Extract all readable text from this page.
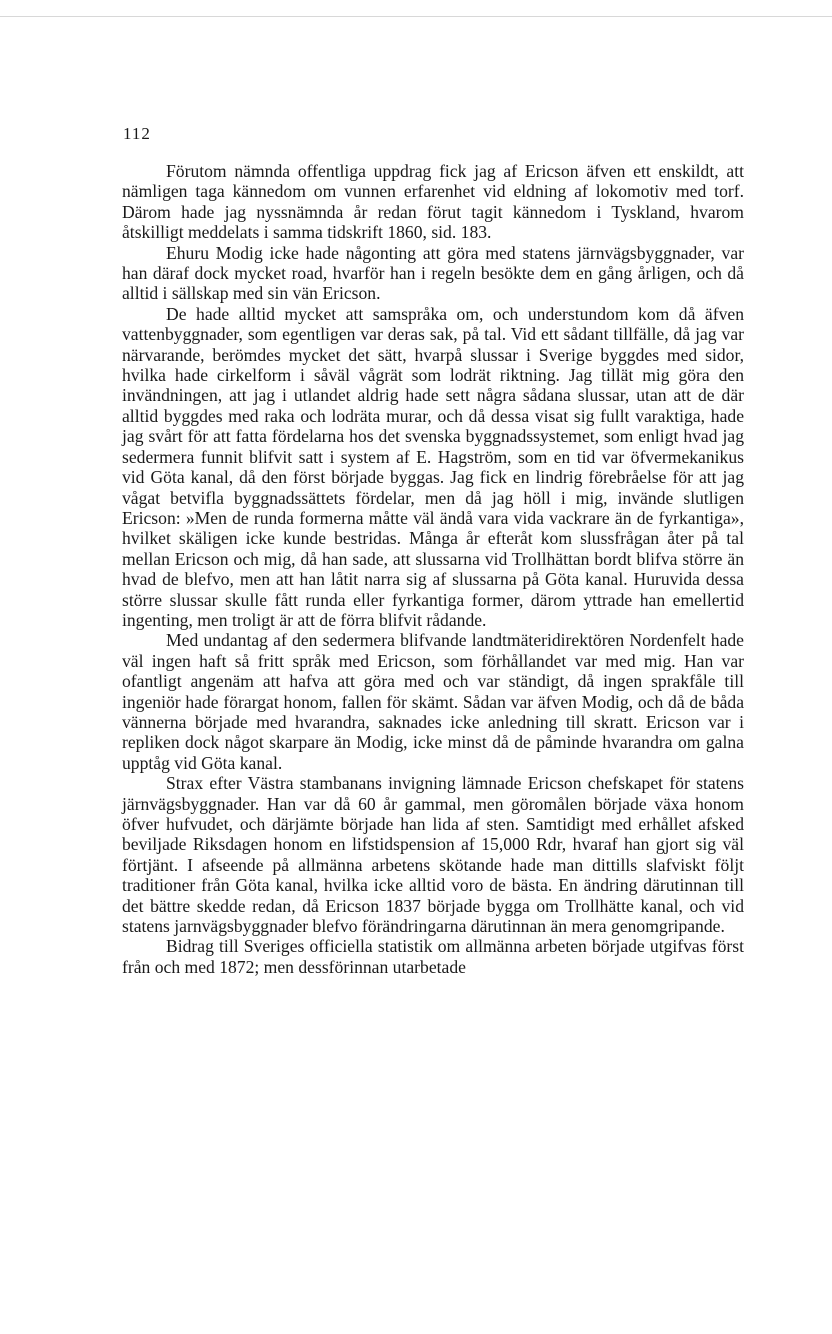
112

Förutom nämnda offentliga uppdrag fick jag af Ericson äfven ett enskildt, att nämligen taga kännedom om vunnen erfarenhet vid eldning af lokomotiv med torf. Därom hade jag nyssnämnda år redan förut tagit kännedom i Tyskland, hvarom åtskilligt meddelats i samma tidskrift 1860, sid. 183.

Ehuru Modig icke hade någonting att göra med statens järnvägsbyggnader, var han däraf dock mycket road, hvarför han i regeln besökte dem en gång årligen, och då alltid i sällskap med sin vän Ericson.

De hade alltid mycket att samspråka om, och understundom kom då äfven vattenbyggnader, som egentligen var deras sak, på tal. Vid ett sådant tillfälle, då jag var närvarande, berömdes mycket det sätt, hvarpå slussar i Sverige byggdes med sidor, hvilka hade cirkelform i såväl vågrät som lodrät riktning. Jag tillät mig göra den invändningen, att jag i utlandet aldrig hade sett några sådana slussar, utan att de där alltid byggdes med raka och lodräta murar, och då dessa visat sig fullt varaktiga, hade jag svårt för att fatta fördelarna hos det svenska byggnadssystemet, som enligt hvad jag sedermera funnit blifvit satt i system af E. Hagström, som en tid var öfvermekanikus vid Göta kanal, då den först började byggas. Jag fick en lindrig förebråelse för att jag vågat betvifla byggnadssättets fördelar, men då jag höll i mig, invände slutligen Ericson: »Men de runda formerna måtte väl ändå vara vida vackrare än de fyrkantiga», hvilket skäligen icke kunde bestridas. Många år efteråt kom slussfrågan åter på tal mellan Ericson och mig, då han sade, att slussarna vid Trollhättan bordt blifva större än hvad de blefvo, men att han låtit narra sig af slussarna på Göta kanal. Huruvida dessa större slussar skulle fått runda eller fyrkantiga former, därom yttrade han emellertid ingenting, men troligt är att de förra blifvit rådande.

Med undantag af den sedermera blifvande landtmäteridirektören Nordenfelt hade väl ingen haft så fritt språk med Ericson, som förhållandet var med mig. Han var ofantligt angenäm att hafva att göra med och var ständigt, då ingen sprakfåle till ingeniör hade förargat honom, fallen för skämt. Sådan var äfven Modig, och då de båda vännerna började med hvarandra, saknades icke anledning till skratt. Ericson var i repliken dock något skarpare än Modig, icke minst då de påminde hvarandra om galna upptåg vid Göta kanal.

Strax efter Västra stambanans invigning lämnade Ericson chefskapet för statens järnvägsbyggnader. Han var då 60 år gammal, men göromålen började växa honom öfver hufvudet, och därjämte började han lida af sten. Samtidigt med erhållet afsked beviljade Riksdagen honom en lifstidspension af 15,000 Rdr, hvaraf han gjort sig väl förtjänt. I afseende på allmänna arbetens skötande hade man dittills slafviskt följt traditioner från Göta kanal, hvilka icke alltid voro de bästa. En ändring därutinnan till det bättre skedde redan, då Ericson 1837 började bygga om Trollhätte kanal, och vid statens jarnvägsbyggnader blefvo förändringarna därutinnan än mera genomgripande.

Bidrag till Sveriges officiella statistik om allmänna arbeten började utgifvas först från och med 1872; men dessförinnan utarbetade
